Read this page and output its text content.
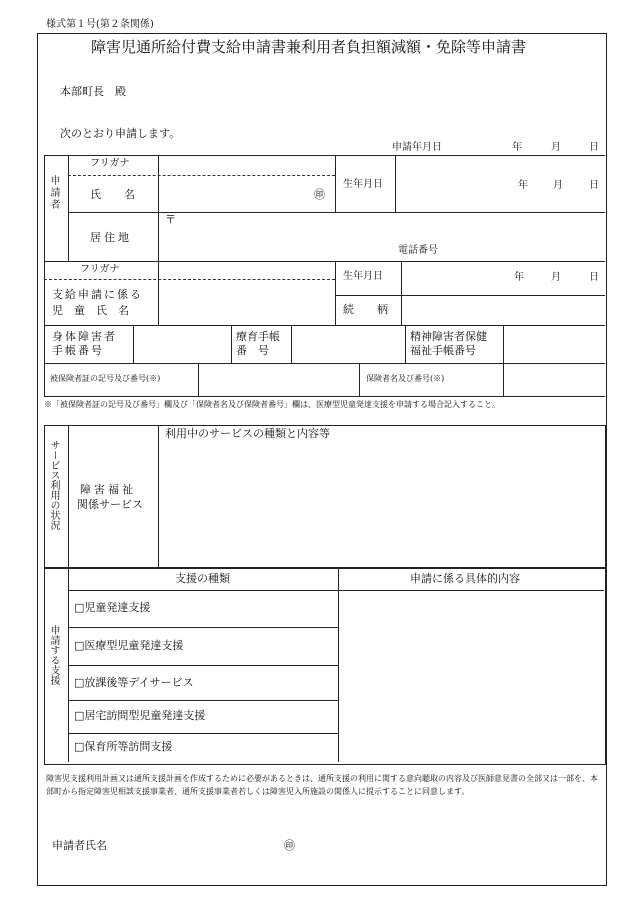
様式第１号(第２条関係)
障害児通所給付費支給申請書兼利用者負担額減額・免除等申請書
本部町長　殿
次のとおり申請します。
申請年月日	年	月	日
申請者
フリガナ
氏　名	㊞
生年月日	年	月	日
居住地
〒
電話番号
フリガナ
支給申請に係る
児　童　氏　名
生年月日	年	月	日
続　柄
身体障害者
手帳番号
療育手帳
番　号
精神障害者保健
福祉手帳番号
被保険者証の記号及び番号(※)	保険者名及び番号(※)
※「被保険者証の記号及び番号」欄及び「保険者名及び保険者番号」欄は、医療型児童発達支援を申請する場合記入すること。
サービス利用の状況 障害福祉
関係サービス
利用中のサービスの種類と内容等
申請する支援
支援の種類	申請に係る具体的内容
□児童発達支援
□医療型児童発達支援
□放課後等デイサービス
□居宅訪問型児童発達支援
□保育所等訪問支援
障害児支援利用計画又は通所支援計画を作成するために必要があるときは、通所支援の利用に関する意向聴取の内容及び医師意見書の全部又は一部を、本部町から指定障害児相談支援事業者、通所支援事業者若しくは障害児入所施設の関係人に提示することに同意します。
申請者氏名	㊞
